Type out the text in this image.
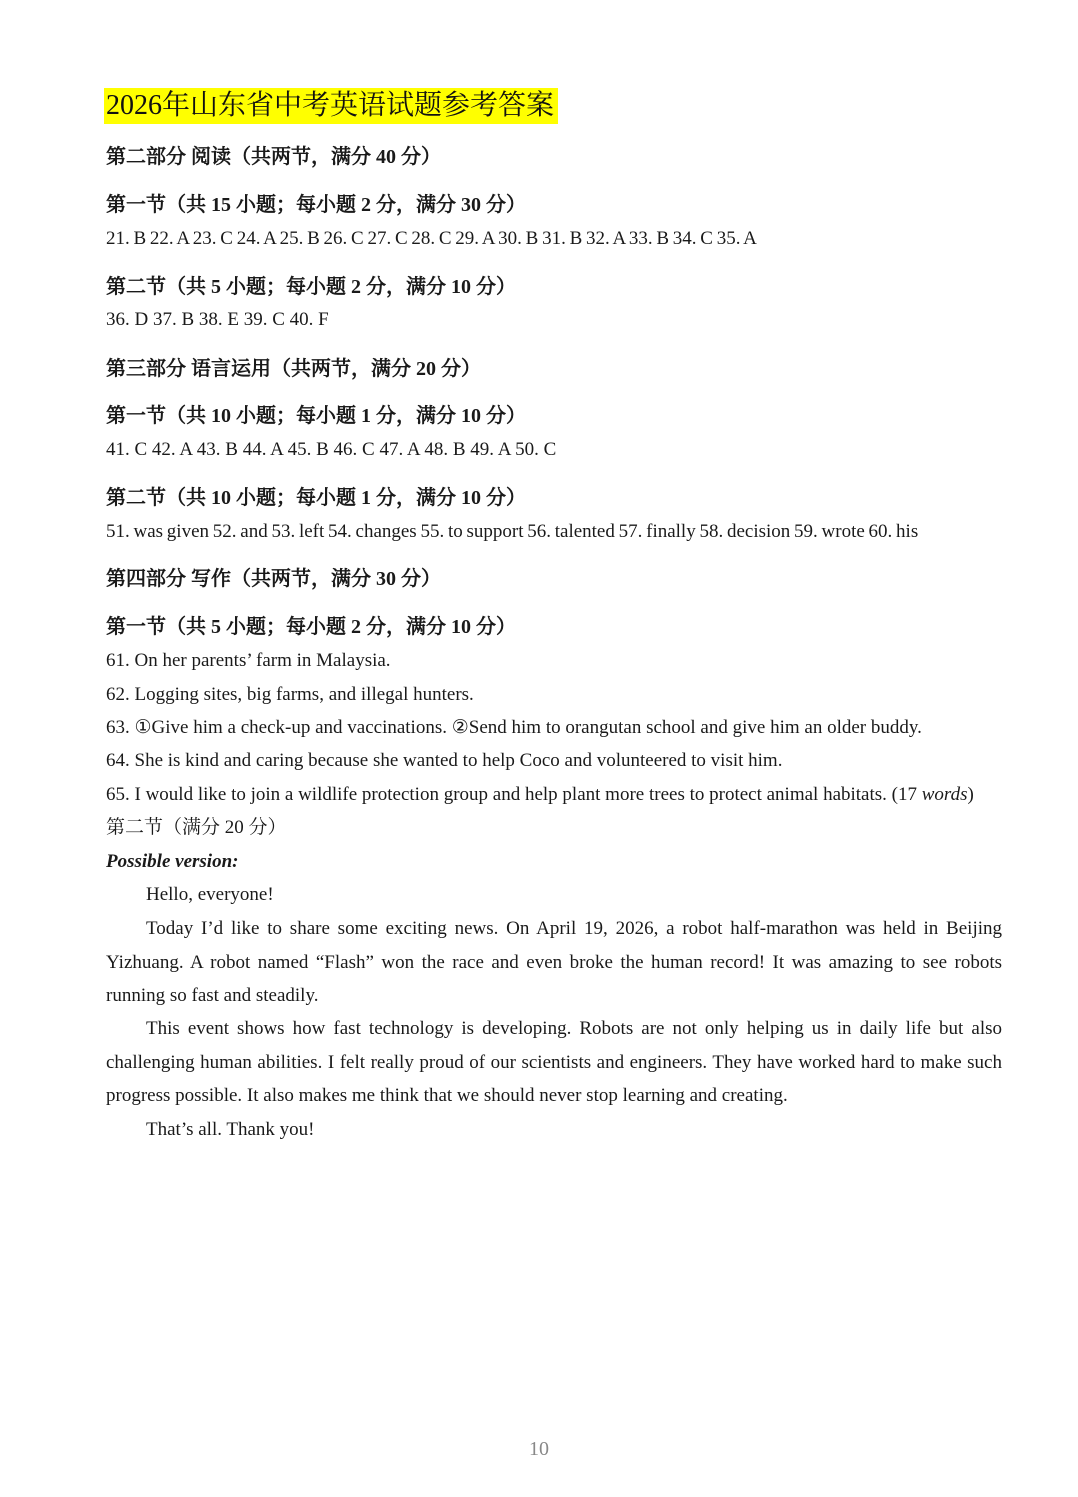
2026年山东省中考英语试题参考答案
第二部分 阅读（共两节，满分 40 分）
第一节（共 15 小题；每小题 2 分，满分 30 分）
21. B 22. A 23. C 24. A 25. B 26. C 27. C 28. C 29. A 30. B 31. B 32. A 33. B 34. C 35. A
第二节（共 5 小题；每小题 2 分，满分 10 分）
36. D 37. B 38. E 39. C 40. F
第三部分 语言运用（共两节，满分 20 分）
第一节（共 10 小题；每小题 1 分，满分 10 分）
41. C 42. A 43. B 44. A 45. B 46. C 47. A 48. B 49. A 50. C
第二节（共 10 小题；每小题 1 分，满分 10 分）
51. was given 52. and 53. left 54. changes 55. to support 56. talented 57. finally 58. decision 59. wrote 60. his
第四部分 写作（共两节，满分 30 分）
第一节（共 5 小题；每小题 2 分，满分 10 分）
61. On her parents’ farm in Malaysia.
62. Logging sites, big farms, and illegal hunters.
63. ①Give him a check-up and vaccinations. ②Send him to orangutan school and give him an older buddy.
64. She is kind and caring because she wanted to help Coco and volunteered to visit him.
65. I would like to join a wildlife protection group and help plant more trees to protect animal habitats. (17 words)
第二节（满分 20 分）
Possible version:
Hello, everyone!
Today I’d like to share some exciting news. On April 19, 2026, a robot half-marathon was held in Beijing Yizhuang. A robot named “Flash” won the race and even broke the human record! It was amazing to see robots running so fast and steadily.
This event shows how fast technology is developing. Robots are not only helping us in daily life but also challenging human abilities. I felt really proud of our scientists and engineers. They have worked hard to make such progress possible. It also makes me think that we should never stop learning and creating.
That’s all. Thank you!
10
